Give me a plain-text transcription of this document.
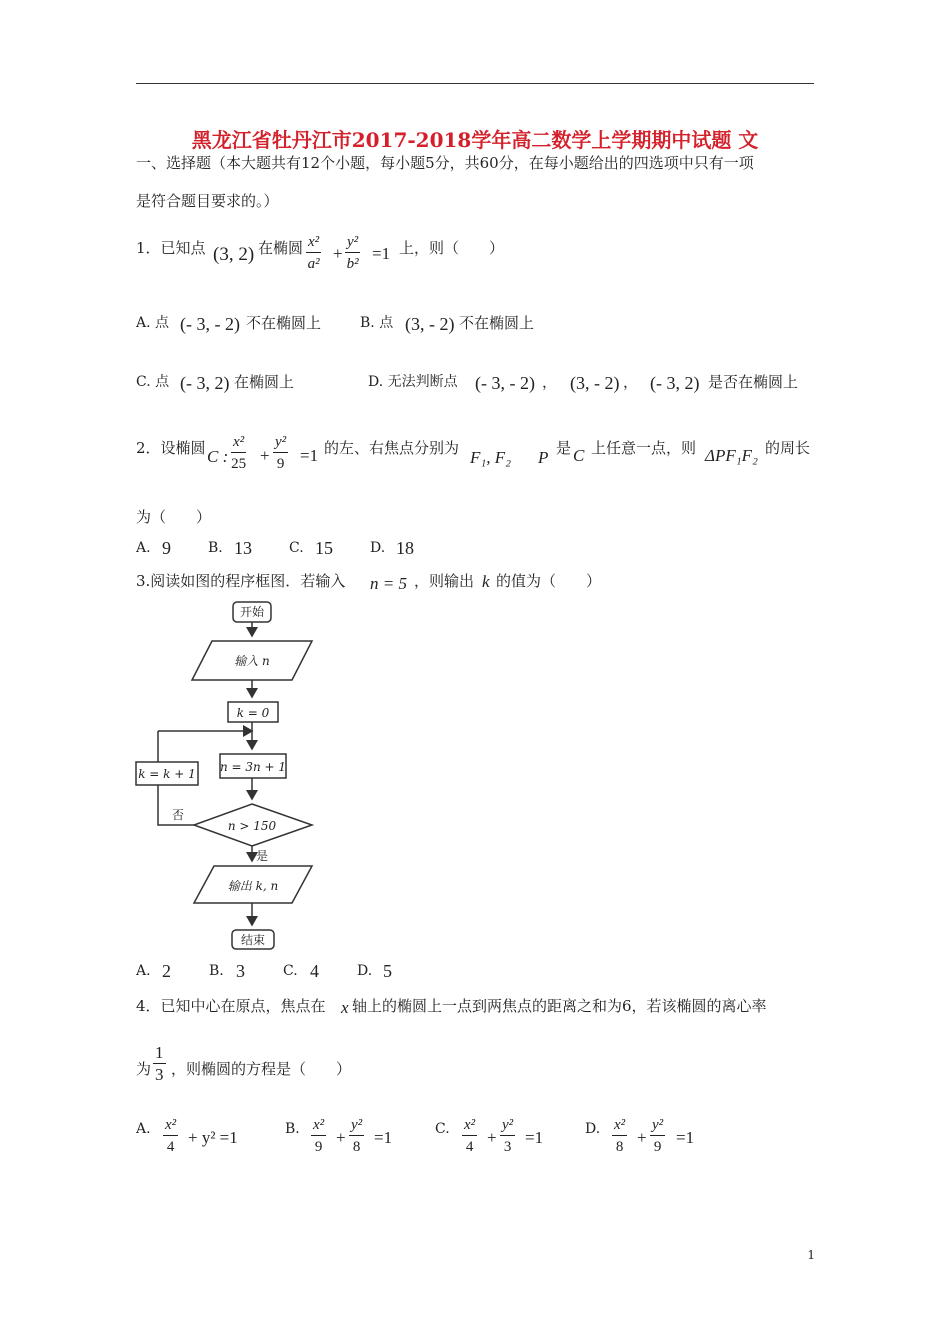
黑龙江省牡丹江市2017-2018学年高二数学上学期期中试题 文
一、选择题（本大题共有12个小题，每小题5分，共60分，在每小题给出的四选项中只有一项
是符合题目要求的。）
1．已知点 (3, 2) 在椭圆 $\frac{\text{x²}}{\text{a²}} + \frac{\text{y²}}{\text{b²}} =1$ 上，则（　　）
A. 点 (- 3, - 2) 不在椭圆上	B. 点 (3, - 2) 不在椭圆上
C. 点 (- 3, 2) 在椭圆上	D. 无法判断点 (- 3, - 2) ， (3, - 2) ， (- 3, 2) 是否在椭圆上
2．设椭圆 C : $\frac{\text{x²}}{25} + \frac{\text{y²}}{9} =1$ 的左、右焦点分别为 F₁, F₂ P 是 C 上任意一点，则 ΔPF₁F₂ 的周长
为（　　）
A. 9	B. 13	C. 15	D. 18
3.阅读如图的程序框图．若输入 n = 5 ，则输出 k 的值为（　　）
开始
输入 n
k = 0
n = 3n + 1
k = k + 1
n > 150
否
是
输出 k, n
结束
A. 2	B. 3	C. 4	D. 5
4．已知中心在原点，焦点在 x 轴上的椭圆上一点到两焦点的距离之和为6，若该椭圆的离心率
为 $\frac{1}{3}$ ，则椭圆的方程是（　　）
A. $\frac{\text{x²}}{4} + y^2 =1$	B. $\frac{\text{x²}}{9} + \frac{\text{y²}}{8} =1$	C. $\frac{\text{x²}}{4} + \frac{\text{y²}}{3} =1$	D. $\frac{\text{x²}}{8} + \frac{\text{y²}}{9} =1$
1
